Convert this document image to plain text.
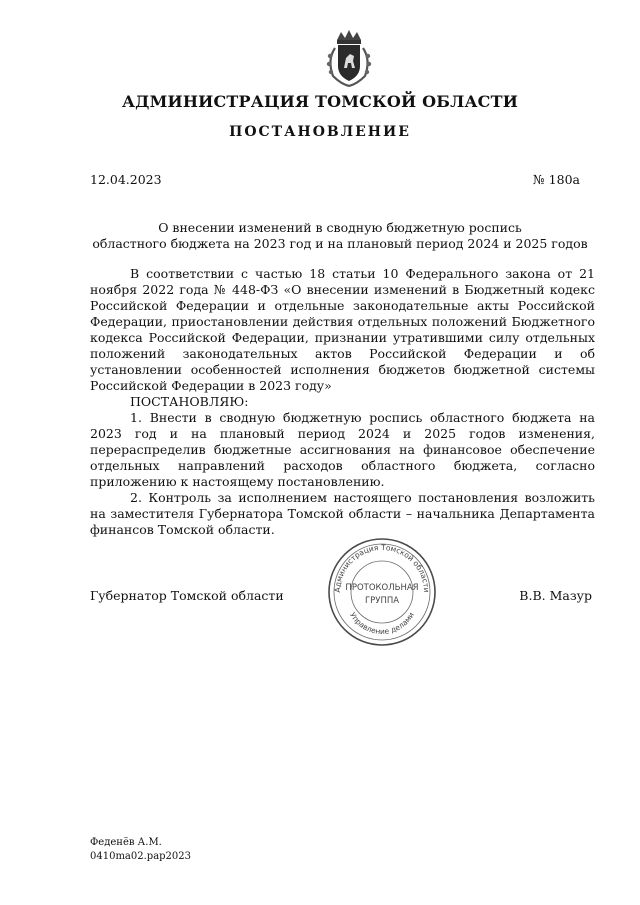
АДМИНИСТРАЦИЯ ТОМСКОЙ ОБЛАСТИ
ПОСТАНОВЛЕНИЕ
12.04.2023	№ 180а
О внесении изменений в сводную бюджетную роспись
областного бюджета на 2023 год и на плановый период 2024 и 2025 годов

В соответствии с частью 18 статьи 10 Федерального закона от 21 ноября 2022 года № 448-ФЗ «О внесении изменений в Бюджетный кодекс Российской Федерации и отдельные законодательные акты Российской Федерации, приостановлении действия отдельных положений Бюджетного кодекса Российской Федерации, признании утратившими силу отдельных положений законодательных актов Российской Федерации и об установлении особенностей исполнения бюджетов бюджетной системы Российской Федерации в 2023 году»

ПОСТАНОВЛЯЮ:

1. Внести в сводную бюджетную роспись областного бюджета на 2023 год и на плановый период 2024 и 2025 годов изменения, перераспределив бюджетные ассигнования на финансовое обеспечение отдельных направлений расходов областного бюджета, согласно приложению к настоящему постановлению.

2. Контроль за исполнением настоящего постановления возложить на заместителя Губернатора Томской области – начальника Департамента финансов Томской области.

Губернатор Томской области	В.В. Мазур
Администрация Томской области
Управление делами
ПРОТОКОЛЬНАЯ
ГРУППА
Феденёв А.М.
0410ma02.pap2023
